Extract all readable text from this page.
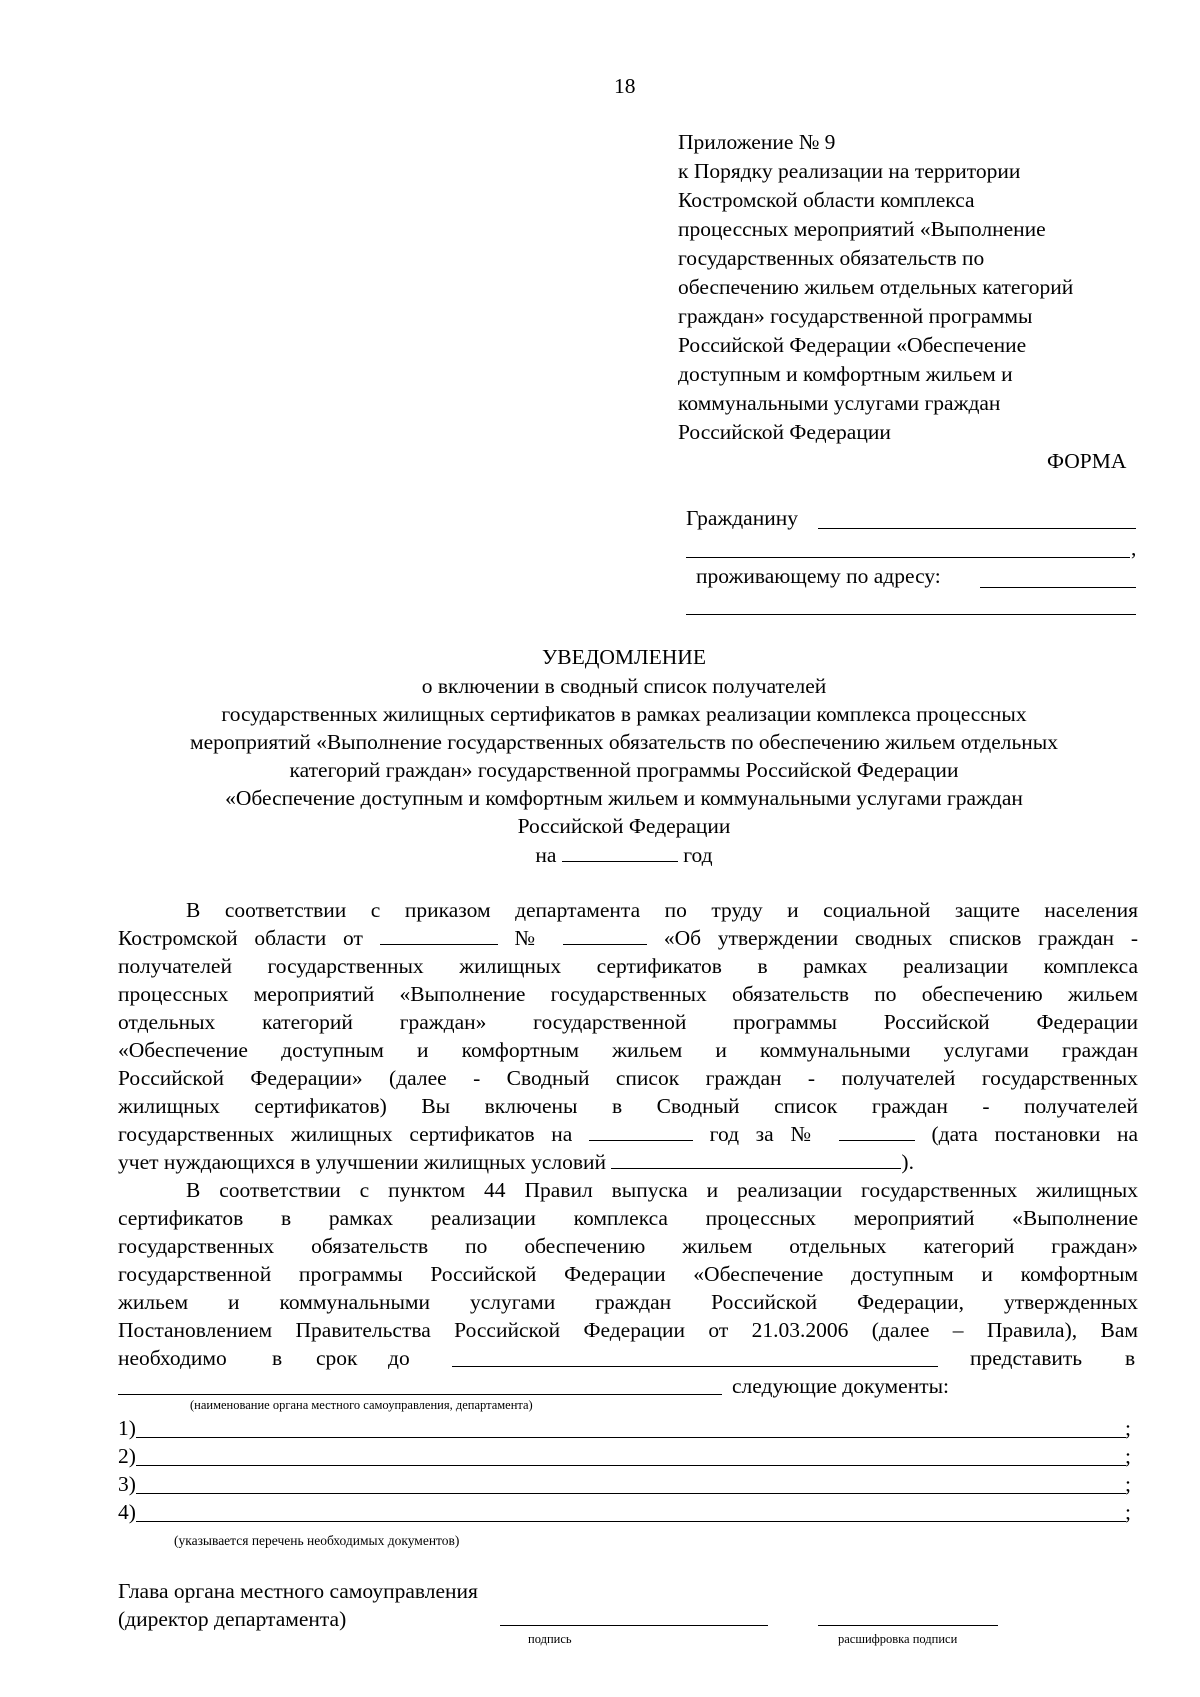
18
Приложение № 9
к Порядку реализации на территории
Костромской области комплекса
процессных мероприятий «Выполнение
государственных обязательств по
обеспечению жильем отдельных категорий
граждан» государственной программы
Российской Федерации «Обеспечение
доступным и комфортным жильем и
коммунальными услугами граждан
Российской Федерации
ФОРМА
Гражданину
,
проживающему по адресу:
УВЕДОМЛЕНИЕ
о включении в сводный список получателей
государственных жилищных сертификатов в рамках реализации комплекса процессных
мероприятий «Выполнение государственных обязательств по обеспечению жильем отдельных
категорий граждан» государственной программы Российской Федерации
«Обеспечение доступным и комфортным жильем и коммунальными услугами граждан
Российской Федерации
на	год
В соответствии с приказом департамента по труду и социальной защите населения
Костромской области от	№	«Об утверждении сводных списков граждан -
получателей государственных жилищных сертификатов в рамках реализации комплекса
процессных мероприятий «Выполнение государственных обязательств по обеспечению жильем
отдельных категорий граждан» государственной программы Российской Федерации
«Обеспечение доступным и комфортным жильем и коммунальными услугами граждан
Российской Федерации» (далее - Сводный список граждан - получателей государственных
жилищных сертификатов) Вы включены в Сводный список граждан - получателей
государственных жилищных сертификатов на	год за №	(дата постановки на
учет нуждающихся в улучшении жилищных условий	).
В соответствии с пунктом 44 Правил выпуска и реализации государственных жилищных
сертификатов в рамках реализации комплекса процессных мероприятий «Выполнение
государственных обязательств по обеспечению жильем отдельных категорий граждан»
государственной программы Российской Федерации «Обеспечение доступным и комфортным
жильем и коммунальными услугами граждан Российской Федерации, утвержденных
Постановлением Правительства Российской Федерации от 21.03.2006 (далее – Правила), Вам
необходимо в срок до	представить в
следующие документы:
(наименование органа местного самоуправления, департамента)
1)	;
2)	;
3)	;
4)	;
(указывается перечень необходимых документов)
Глава органа местного самоуправления
(директор департамента)
подпись	расшифровка подписи
